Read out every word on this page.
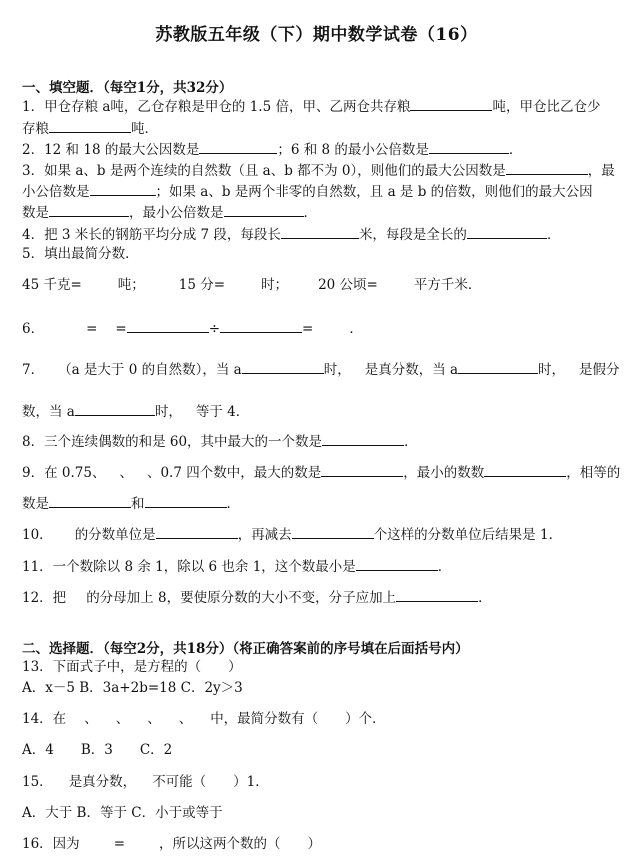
苏教版五年级（下）期中数学试卷（16）
一、填空题．（每空1分，共32分）
1．甲仓存粮 a吨，乙仓存粮是甲仓的 1.5 倍，甲、乙两仓共存粮	吨，甲仓比乙仓少
存粮	吨．
2．12 和 18 的最大公因数是	；6 和 8 的最小公倍数是	．
3．如果 a、b 是两个连续的自然数（且 a、b 都不为 0），则他们的最大公因数是	，最
小公倍数是	；如果 a、b 是两个非零的自然数，且 a 是 b 的倍数，则他们的最大公因
数是	，最小公倍数是	．
4．把 3 米长的钢筋平均分成 7 段，每段长	米，每段是全长的	．
5．填出最简分数．
45 千克=	吨；	15 分=	时； 20 公顷=	平方千米．
6．	= =	÷	=	．
7． （a 是大于 0 的自然数），当 a	时， 是真分数，当 a	时， 是假分
数，当 a	时， 等于 4．
8．三个连续偶数的和是 60，其中最大的一个数是	．
9．在 0.75、 、 、0.7 四个数中，最大的数是	，最小的数数	，相等的
数是	和	．
10． 的分数单位是	，再减去	个这样的分数单位后结果是 1．
11．一个数除以 8 余 1，除以 6 也余 1，这个数最小是	．
12．把 的分母加上 8，要使原分数的大小不变，分子应加上	．
二、选择题．（每空2分，共18分）（将正确答案前的序号填在后面括号内）
13．下面式子中，是方程的（　　）
A．x－5 B．3a+2b=18 C．2y＞3
14．在 、 、 、 、 中，最简分数有（　　）个．
A．4　　B．3　　C．2
15． 是真分数， 不可能（　　）1．
A．大于 B．等于 C．小于或等于
16．因为	=	，所以这两个数的（　　）
